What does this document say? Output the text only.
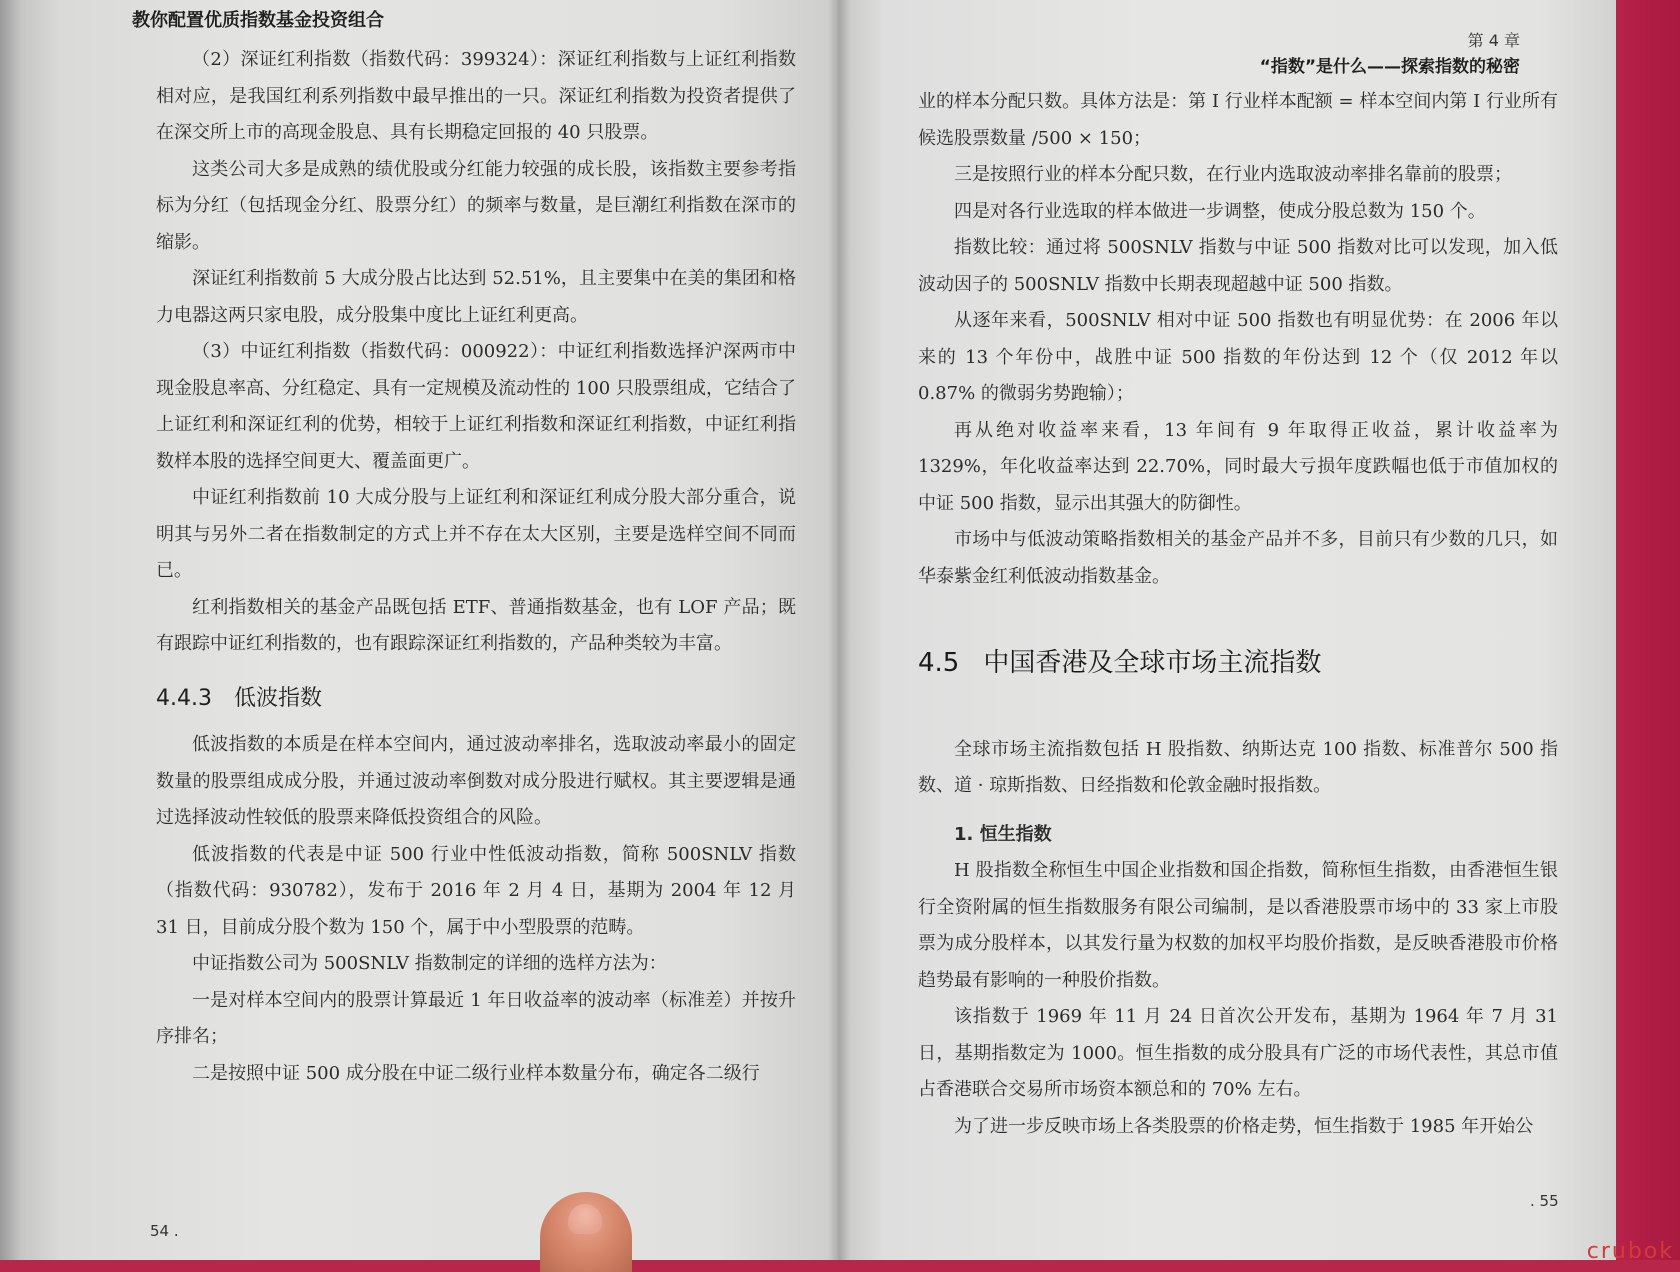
教你配置优质指数基金投资组合

（2）深证红利指数（指数代码：399324）：深证红利指数与上证红利指数相对应，是我国红利系列指数中最早推出的一只。深证红利指数为投资者提供了在深交所上市的高现金股息、具有长期稳定回报的 40 只股票。

这类公司大多是成熟的绩优股或分红能力较强的成长股，该指数主要参考指标为分红（包括现金分红、股票分红）的频率与数量，是巨潮红利指数在深市的缩影。

深证红利指数前 5 大成分股占比达到 52.51%，且主要集中在美的集团和格力电器这两只家电股，成分股集中度比上证红利更高。

（3）中证红利指数（指数代码：000922）：中证红利指数选择沪深两市中现金股息率高、分红稳定、具有一定规模及流动性的 100 只股票组成，它结合了上证红利和深证红利的优势，相较于上证红利指数和深证红利指数，中证红利指数样本股的选择空间更大、覆盖面更广。

中证红利指数前 10 大成分股与上证红利和深证红利成分股大部分重合，说明其与另外二者在指数制定的方式上并不存在太大区别，主要是选样空间不同而已。

红利指数相关的基金产品既包括 ETF、普通指数基金，也有 LOF 产品；既有跟踪中证红利指数的，也有跟踪深证红利指数的，产品种类较为丰富。

4.4.3 低波指数

低波指数的本质是在样本空间内，通过波动率排名，选取波动率最小的固定数量的股票组成成分股，并通过波动率倒数对成分股进行赋权。其主要逻辑是通过选择波动性较低的股票来降低投资组合的风险。

低波指数的代表是中证 500 行业中性低波动指数，简称 500SNLV 指数（指数代码：930782），发布于 2016 年 2 月 4 日，基期为 2004 年 12 月 31 日，目前成分股个数为 150 个，属于中小型股票的范畴。

中证指数公司为 500SNLV 指数制定的详细的选样方法为：

一是对样本空间内的股票计算最近 1 年日收益率的波动率（标准差）并按升序排名；

二是按照中证 500 成分股在中证二级行业样本数量分布，确定各二级行

54 .
第 4 章
“指数”是什么——探索指数的秘密

业的样本分配只数。具体方法是：第 I 行业样本配额 = 样本空间内第 I 行业所有候选股票数量 /500 × 150；

三是按照行业的样本分配只数，在行业内选取波动率排名靠前的股票；

四是对各行业选取的样本做进一步调整，使成分股总数为 150 个。

指数比较：通过将 500SNLV 指数与中证 500 指数对比可以发现，加入低波动因子的 500SNLV 指数中长期表现超越中证 500 指数。

从逐年来看，500SNLV 相对中证 500 指数也有明显优势：在 2006 年以来的 13 个年份中，战胜中证 500 指数的年份达到 12 个（仅 2012 年以 0.87% 的微弱劣势跑输）；

再从绝对收益率来看，13 年间有 9 年取得正收益，累计收益率为 1329%，年化收益率达到 22.70%，同时最大亏损年度跌幅也低于市值加权的中证 500 指数，显示出其强大的防御性。

市场中与低波动策略指数相关的基金产品并不多，目前只有少数的几只，如华泰紫金红利低波动指数基金。

4.5 中国香港及全球市场主流指数

全球市场主流指数包括 H 股指数、纳斯达克 100 指数、标准普尔 500 指数、道 · 琼斯指数、日经指数和伦敦金融时报指数。

1. 恒生指数

H 股指数全称恒生中国企业指数和国企指数，简称恒生指数，由香港恒生银行全资附属的恒生指数服务有限公司编制，是以香港股票市场中的 33 家上市股票为成分股样本，以其发行量为权数的加权平均股价指数，是反映香港股市价格趋势最有影响的一种股价指数。

该指数于 1969 年 11 月 24 日首次公开发布，基期为 1964 年 7 月 31 日，基期指数定为 1000。恒生指数的成分股具有广泛的市场代表性，其总市值占香港联合交易所市场资本额总和的 70% 左右。

为了进一步反映市场上各类股票的价格走势，恒生指数于 1985 年开始公

. 55
crubok
